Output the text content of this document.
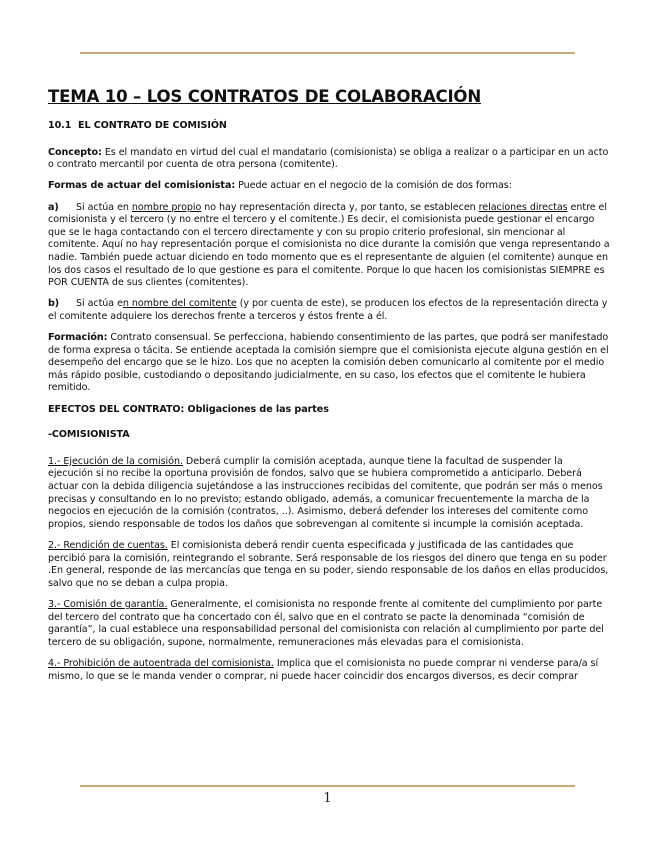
TEMA 10 – LOS CONTRATOS DE COLABORACIÓN
10.1 EL CONTRATO DE COMISIÓN

Concepto: Es el mandato en virtud del cual el mandatario (comisionista) se obliga a realizar o a participar en un acto o contrato mercantil por cuenta de otra persona (comitente).

Formas de actuar del comisionista: Puede actuar en el negocio de la comisión de dos formas:

a) Si actúa en nombre propio no hay representación directa y, por tanto, se establecen relaciones directas entre el comisionista y el tercero (y no entre el tercero y el comitente.) Es decir, el comisionista puede gestionar el encargo que se le haga contactando con el tercero directamente y con su propio criterio profesional, sin mencionar al comitente. Aquí no hay representación porque el comisionista no dice durante la comisión que venga representando a nadie. También puede actuar diciendo en todo momento que es el representante de alguien (el comitente) aunque en los dos casos el resultado de lo que gestione es para el comitente. Porque lo que hacen los comisionistas SIEMPRE es POR CUENTA de sus clientes (comitentes).

b) Si actúa en nombre del comitente (y por cuenta de este), se producen los efectos de la representación directa y el comitente adquiere los derechos frente a terceros y éstos frente a él.

Formación: Contrato consensual. Se perfecciona, habiendo consentimiento de las partes, que podrá ser manifestado de forma expresa o tácita. Se entiende aceptada la comisión siempre que el comisionista ejecute alguna gestión en el desempeño del encargo que se le hizo. Los que no acepten la comisión deben comunicarlo al comitente por el medio más rápido posible, custodiando o depositando judicialmente, en su caso, los efectos que el comitente le hubiera remitido.

EFECTOS DEL CONTRATO: Obligaciones de las partes
-COMISIONISTA

1.- Ejecución de la comisión. Deberá cumplir la comisión aceptada, aunque tiene la facultad de suspender la ejecución si no recibe la oportuna provisión de fondos, salvo que se hubiera comprometido a anticiparlo. Deberá actuar con la debida diligencia sujetándose a las instrucciones recibidas del comitente, que podrán ser más o menos precisas y consultando en lo no previsto; estando obligado, además, a comunicar frecuentemente la marcha de la negocios en ejecución de la comisión (contratos, ..). Asimismo, deberá defender los intereses del comitente como propios, siendo responsable de todos los daños que sobrevengan al comitente si incumple la comisión aceptada.

2.- Rendición de cuentas. El comisionista deberá rendir cuenta especificada y justificada de las cantidades que percibió para la comisión, reintegrando el sobrante. Será responsable de los riesgos del dinero que tenga en su poder .En general, responde de las mercancías que tenga en su poder, siendo responsable de los daños en ellas producidos, salvo que no se deban a culpa propia.

3.- Comisión de garantía. Generalmente, el comisionista no responde frente al comitente del cumplimiento por parte del tercero del contrato que ha concertado con él, salvo que en el contrato se pacte la denominada “comisión de garantía”, la cual establece una responsabilidad personal del comisionista con relación al cumplimiento por parte del tercero de su obligación, supone, normalmente, remuneraciones más elevadas para el comisionista.

4.- Prohibición de autoentrada del comisionista. Implica que el comisionista no puede comprar ni venderse para/a sí mismo, lo que se le manda vender o comprar, ni puede hacer coincidir dos encargos diversos, es decir comprar

1
